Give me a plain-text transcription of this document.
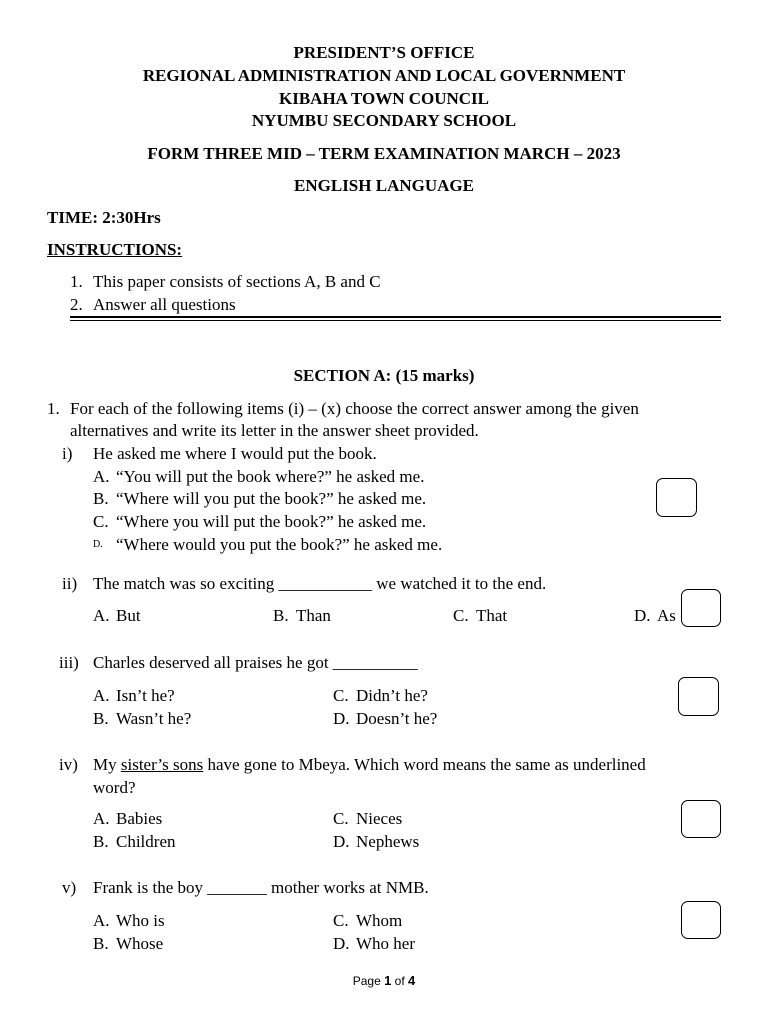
PRESIDENT’S OFFICE
REGIONAL ADMINISTRATION AND LOCAL GOVERNMENT
KIBAHA TOWN COUNCIL
NYUMBU SECONDARY SCHOOL
FORM THREE MID – TERM EXAMINATION MARCH – 2023
ENGLISH LANGUAGE
TIME: 2:30Hrs
INSTRUCTIONS:
1. This paper consists of sections A, B and C
2. Answer all questions
SECTION A: (15 marks)
1. For each of the following items (i) – (x) choose the correct answer among the given
alternatives and write its letter in the answer sheet provided.
i) He asked me where I would put the book.
A. “You will put the book where?” he asked me.
B. “Where will you put the book?” he asked me.
C. “Where you will put the book?” he asked me.
D. “Where would you put the book?” he asked me.
ii) The match was so exciting ___________ we watched it to the end.
A. But	B. Than	C. That	D. As
iii) Charles deserved all praises he got __________
A. Isn’t he?
B. Wasn’t he?
C. Didn’t he?
D. Doesn’t he?
iv) My sister’s sons have gone to Mbeya. Which word means the same as underlined
word?
A. Babies
B. Children
C. Nieces
D. Nephews
v) Frank is the boy _______ mother works at NMB.
A. Who is
B. Whose
C. Whom
D. Who her
Page 1 of 4
